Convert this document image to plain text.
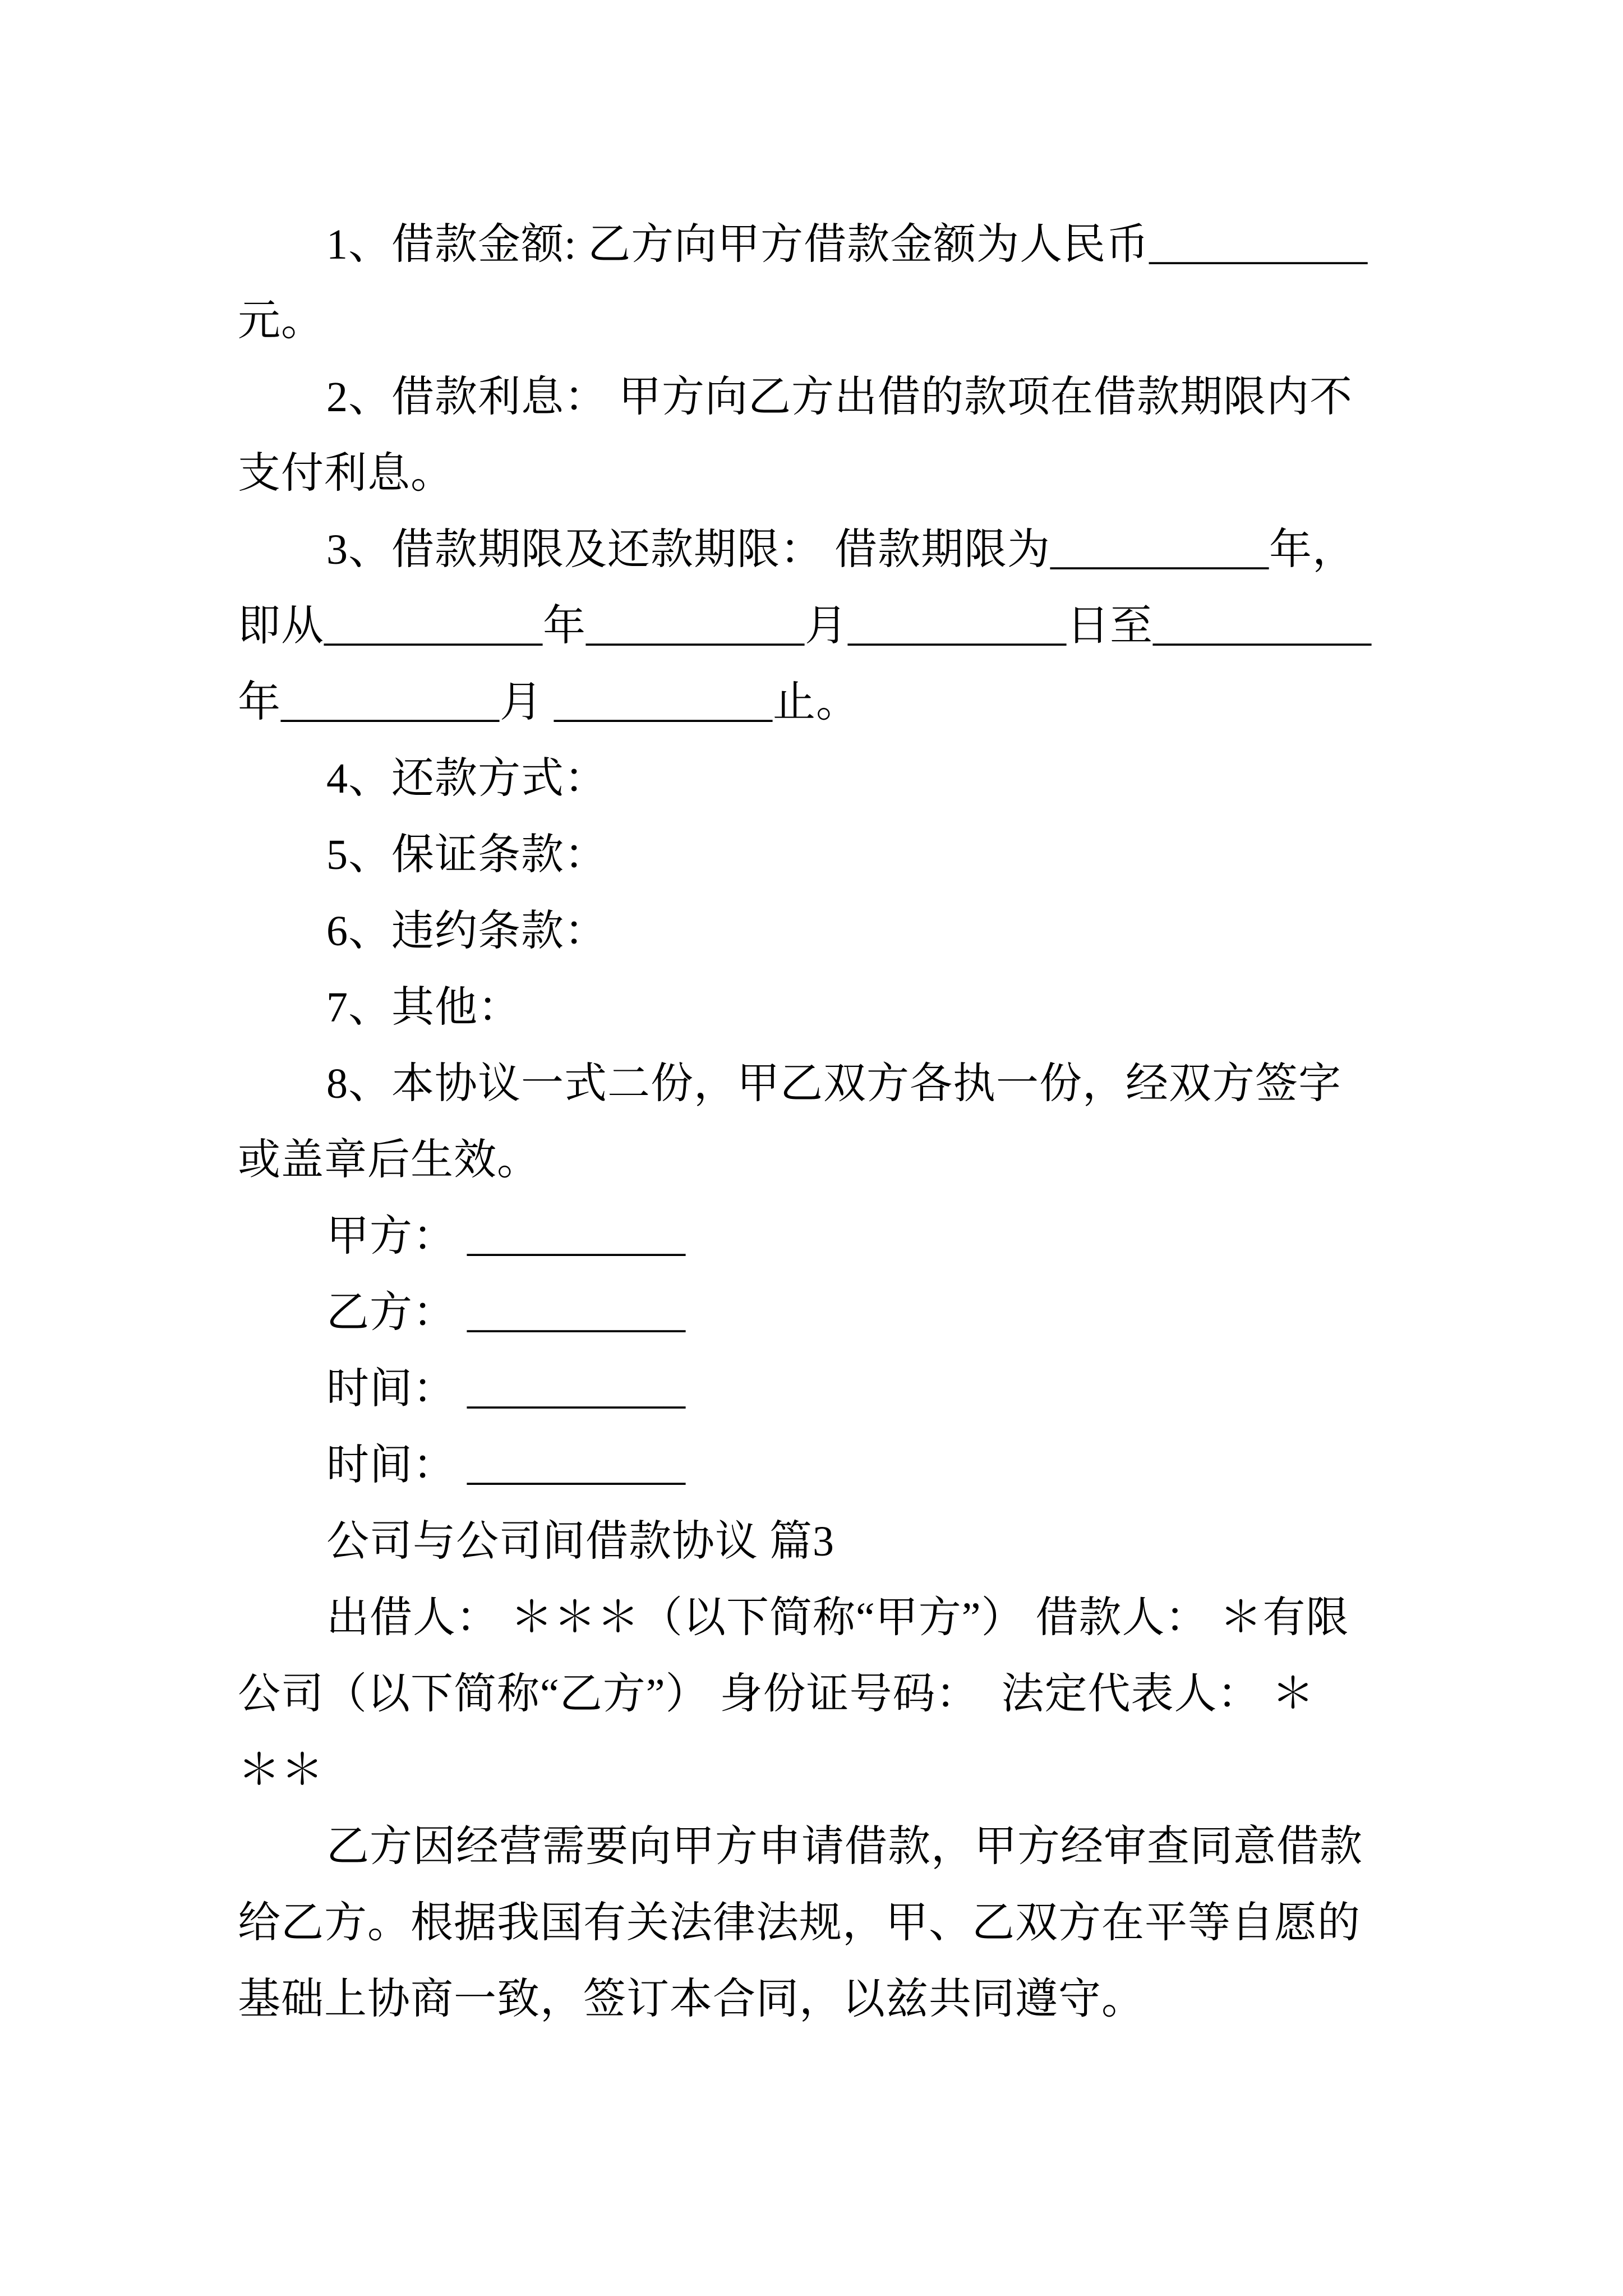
1、借款金额: 乙方向甲方借款金额为人民币__________
元。
2、借款利息： 甲方向乙方出借的款项在借款期限内不
支付利息。
3、借款期限及还款期限： 借款期限为__________年，
即从__________年__________月__________日至__________
年__________月 __________止。
4、还款方式：
5、保证条款：
6、违约条款：
7、其他：
8、本协议一式二份，甲乙双方各执一份，经双方签字
或盖章后生效。
甲方： __________
乙方： __________
时间： __________
时间： __________
公司与公司间借款协议 篇3
出借人： ＊＊＊（以下简称“甲方”） 借款人： ＊有限
公司（以下简称“乙方”） 身份证号码：  法定代表人： ＊
＊＊
乙方因经营需要向甲方申请借款，甲方经审查同意借款
给乙方。根据我国有关法律法规，甲、乙双方在平等自愿的
基础上协商一致，签订本合同，以兹共同遵守。
